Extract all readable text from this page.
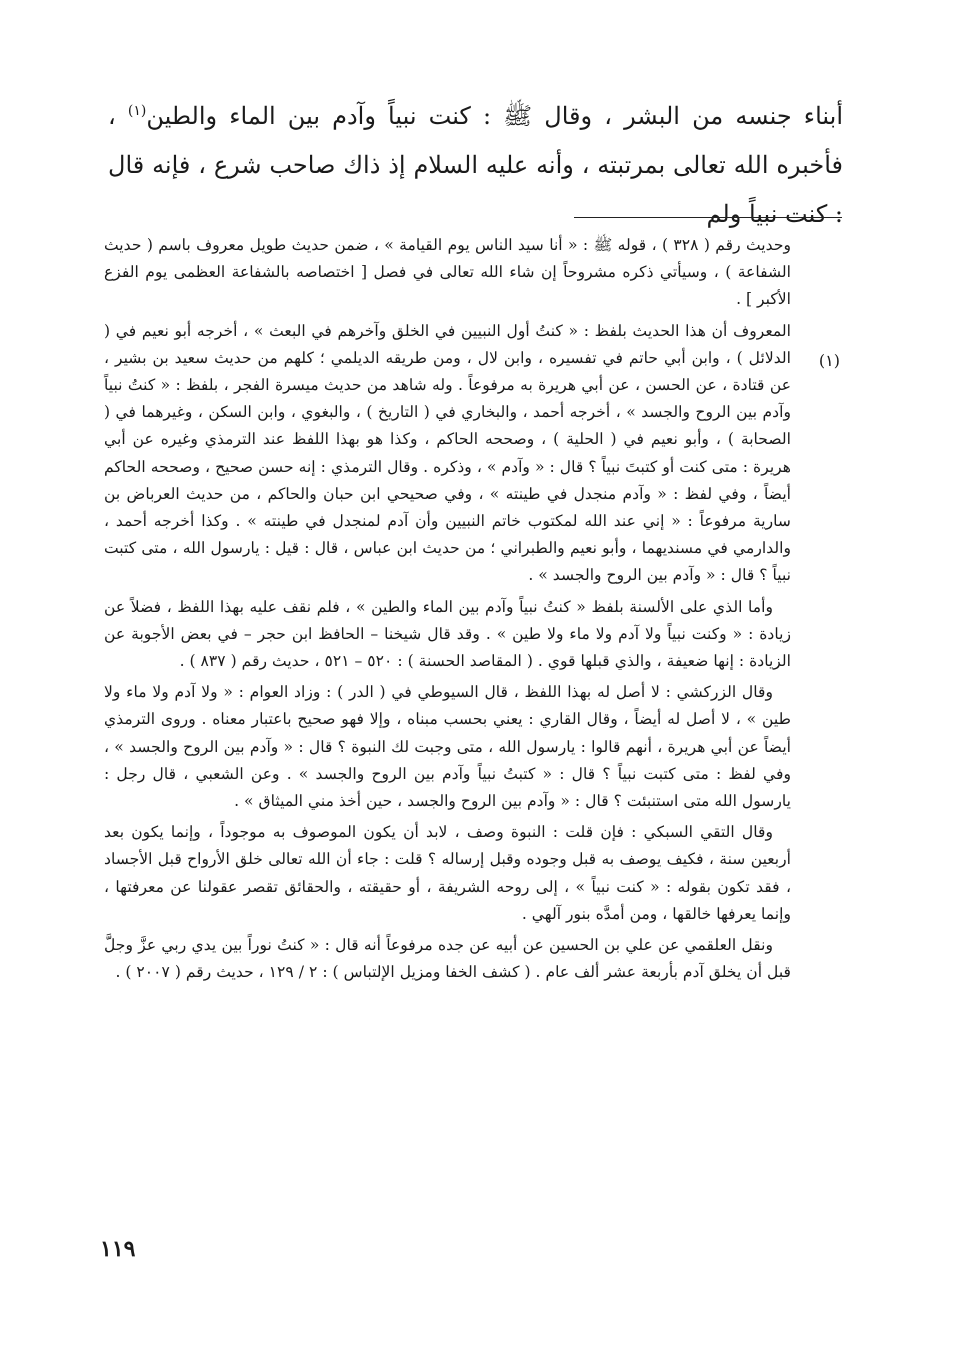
أبناء جنسه من البشر ، وقال ﷺ : كنت نبياً وآدم بين الماء والطين$^{(١)}$ ، فأخبره الله تعالى بمرتبته ، وأنه عليه السلام إذ ذاك صاحب شرع ، فإنه قال : كنت نبياً ولم

(١)

وحديث رقم ( ٣٢٨ ) ، قوله ﷺ : « أنا سيد الناس يوم القيامة » ، ضمن حديث طويل معروف باسم ( حديث الشفاعة ) ، وسيأتي ذكره مشروحاً إن شاء الله تعالى في فصل [ اختصاصه بالشفاعة العظمى يوم الفزع الأكبر ] .

المعروف أن هذا الحديث بلفظ : « كنتُ أول النبيين في الخلق وآخرهم في البعث » ، أخرجه أبو نعيم في ( الدلائل ) ، وابن أبي حاتم في تفسيره ، وابن لال ، ومن طريقه الديلمي ؛ كلهم من حديث سعيد بن بشير ، عن قتادة ، عن الحسن ، عن أبي هريرة به مرفوعاً . وله شاهد من حديث ميسرة الفجر ، بلفظ : « كنتُ نبياً وآدم بين الروح والجسد » ، أخرجه أحمد ، والبخاري في ( التاريخ ) ، والبغوي ، وابن السكن ، وغيرهما في ( الصحابة ) ، وأبو نعيم في ( الحلية ) ، وصححه الحاكم ، وكذا هو بهذا اللفظ عند الترمذي وغيره عن أبي هريرة : متى كنت أو كتبتَ نبياً ؟ قال : « وآدم » ، وذكره . وقال الترمذي : إنه حسن صحيح ، وصححه الحاكم أيضاً ، وفي لفظ : « وآدم منجدل في طينته » ، وفي صحيحي ابن حبان والحاكم ، من حديث العرباض بن سارية مرفوعاً : « إني عند الله لمكتوب خاتم النبيين وأن آدم لمنجدل في طينته » . وكذا أخرجه أحمد ، والدارمي في مسنديهما ، وأبو نعيم والطبراني ؛ من حديث ابن عباس ، قال : قيل : يارسول الله ، متى كتبت نبياً ؟ قال : « وآدم بين الروح والجسد » .

وأما الذي على الألسنة بلفظ « كنتُ نبياً وآدم بين الماء والطين » ، فلم نقف عليه بهذا اللفظ ، فضلاً عن زيادة : « وكنت نبياً ولا آدم ولا ماء ولا طين » . وقد قال شيخنا – الحافظ ابن حجر – في بعض الأجوبة عن الزيادة : إنها ضعيفة ، والذي قبلها قوي . ( المقاصد الحسنة ) : ٥٢٠ – ٥٢١ ، حديث رقم ( ٨٣٧ ) .

وقال الزركشي : لا أصل له بهذا اللفظ ، قال السيوطي في ( الدر ) : وزاد العوام : « ولا آدم ولا ماء ولا طين » ، لا أصل له أيضاً ، وقال القاري : يعني بحسب مبناه ، وإلا فهو صحيح باعتبار معناه . وروى الترمذي أيضاً عن أبي هريرة ، أنهم قالوا : يارسول الله ، متى وجبت لك النبوة ؟ قال : « وآدم بين الروح والجسد » ، وفي لفظ : متى كتبت نبياً ؟ قال : « كتبتُ نبياً وآدم بين الروح والجسد » . وعن الشعبي ، قال رجل : يارسول الله متى استنبئت ؟ قال : « وآدم بين الروح والجسد ، حين أخذ مني الميثاق » .

وقال التقي السبكي : فإن قلت : النبوة وصف ، لابد أن يكون الموصوف به موجوداً ، وإنما يكون بعد أربعين سنة ، فكيف يوصف به قبل وجوده وقبل إرساله ؟ قلت : جاء أن الله تعالى خلق الأرواح قبل الأجساد ، فقد تكون بقوله : « كنت نبياً » ، إلى روحه الشريفة ، أو حقيقته ، والحقائق تقصر عقولنا عن معرفتها ، وإنما يعرفها خالقها ، ومن أمدَّه بنور آلهي .

ونقل العلقمي عن علي بن الحسين عن أبيه عن جده مرفوعاً أنه قال : « كنتُ نوراً بين يدي ربي عزَّ وجلَّ قبل أن يخلق آدم بأربعة عشر ألف عام . ( كشف الخفا ومزيل الإلتباس ) : ٢ / ١٢٩ ، حديث رقم ( ٢٠٠٧ ) .

١١٩
